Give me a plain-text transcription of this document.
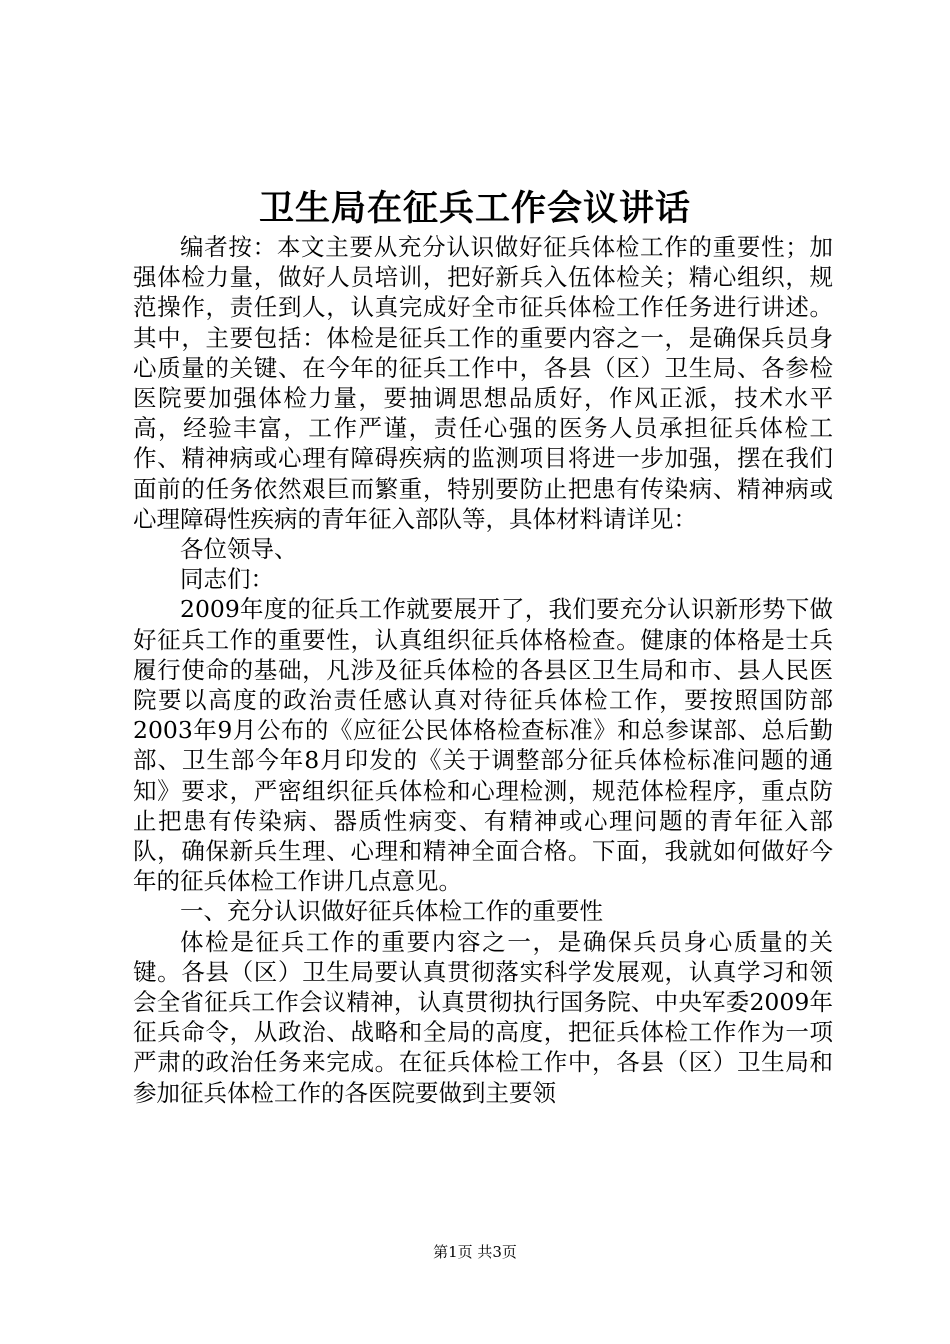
卫生局在征兵工作会议讲话

编者按：本文主要从充分认识做好征兵体检工作的重要性；加强体检力量，做好人员培训，把好新兵入伍体检关；精心组织，规范操作，责任到人，认真完成好全市征兵体检工作任务进行讲述。其中，主要包括：体检是征兵工作的重要内容之一，是确保兵员身心质量的关键、在今年的征兵工作中，各县（区）卫生局、各参检医院要加强体检力量，要抽调思想品质好，作风正派，技术水平高，经验丰富，工作严谨，责任心强的医务人员承担征兵体检工作、精神病或心理有障碍疾病的监测项目将进一步加强，摆在我们面前的任务依然艰巨而繁重，特别要防止把患有传染病、精神病或心理障碍性疾病的青年征入部队等，具体材料请详见：

各位领导、

同志们：

2009年度的征兵工作就要展开了，我们要充分认识新形势下做好征兵工作的重要性，认真组织征兵体格检查。健康的体格是士兵履行使命的基础，凡涉及征兵体检的各县区卫生局和市、县人民医院要以高度的政治责任感认真对待征兵体检工作，要按照国防部2003年9月公布的《应征公民体格检查标准》和总参谋部、总后勤部、卫生部今年8月印发的《关于调整部分征兵体检标准问题的通知》要求，严密组织征兵体检和心理检测，规范体检程序，重点防止把患有传染病、器质性病变、有精神或心理问题的青年征入部队，确保新兵生理、心理和精神全面合格。下面，我就如何做好今年的征兵体检工作讲几点意见。

一、充分认识做好征兵体检工作的重要性

体检是征兵工作的重要内容之一，是确保兵员身心质量的关键。各县（区）卫生局要认真贯彻落实科学发展观，认真学习和领会全省征兵工作会议精神，认真贯彻执行国务院、中央军委2009年征兵命令，从政治、战略和全局的高度，把征兵体检工作作为一项严肃的政治任务来完成。在征兵体检工作中，各县（区）卫生局和参加征兵体检工作的各医院要做到主要领

第1页 共3页
